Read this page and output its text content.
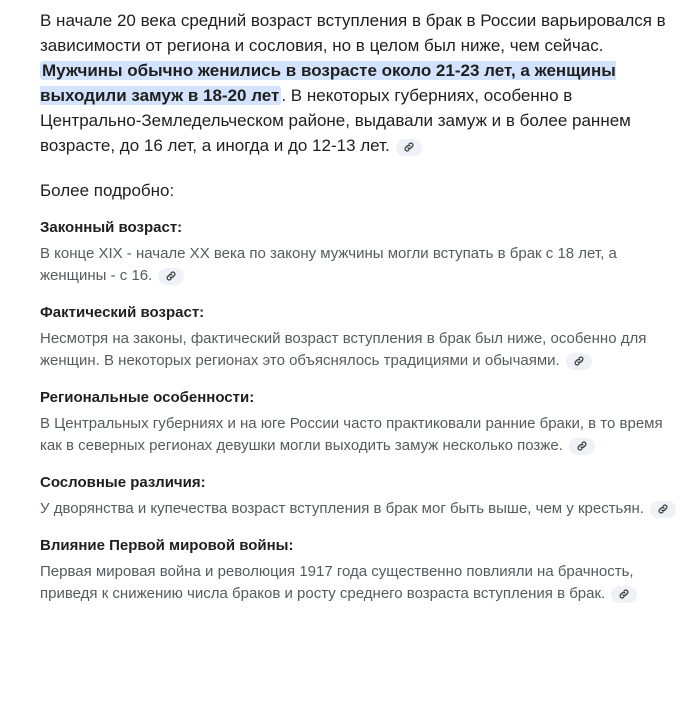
В начале 20 века средний возраст вступления в брак в России варьировался в зависимости от региона и сословия, но в целом был ниже, чем сейчас. Мужчины обычно женились в возрасте около 21-23 лет, а женщины выходили замуж в 18-20 лет . В некоторых губерниях, особенно в Центрально-Земледельческом районе, выдавали замуж и в более раннем возрасте, до 16 лет, а иногда и до 12-13 лет.

Более подробно:
Законный возраст:

В конце XIX - начале XX века по закону мужчины могли вступать в брак с 18 лет, а женщины - с 16.

Фактический возраст:

Несмотря на законы, фактический возраст вступления в брак был ниже, особенно для женщин. В некоторых регионах это объяснялось традициями и обычаями.

Региональные особенности:

В Центральных губерниях и на юге России часто практиковали ранние браки, в то время как в северных регионах девушки могли выходить замуж несколько позже.

Сословные различия:

У дворянства и купечества возраст вступления в брак мог быть выше, чем у крестьян.

Влияние Первой мировой войны:

Первая мировая война и революция 1917 года существенно повлияли на брачность, приведя к снижению числа браков и росту среднего возраста вступления в брак.
